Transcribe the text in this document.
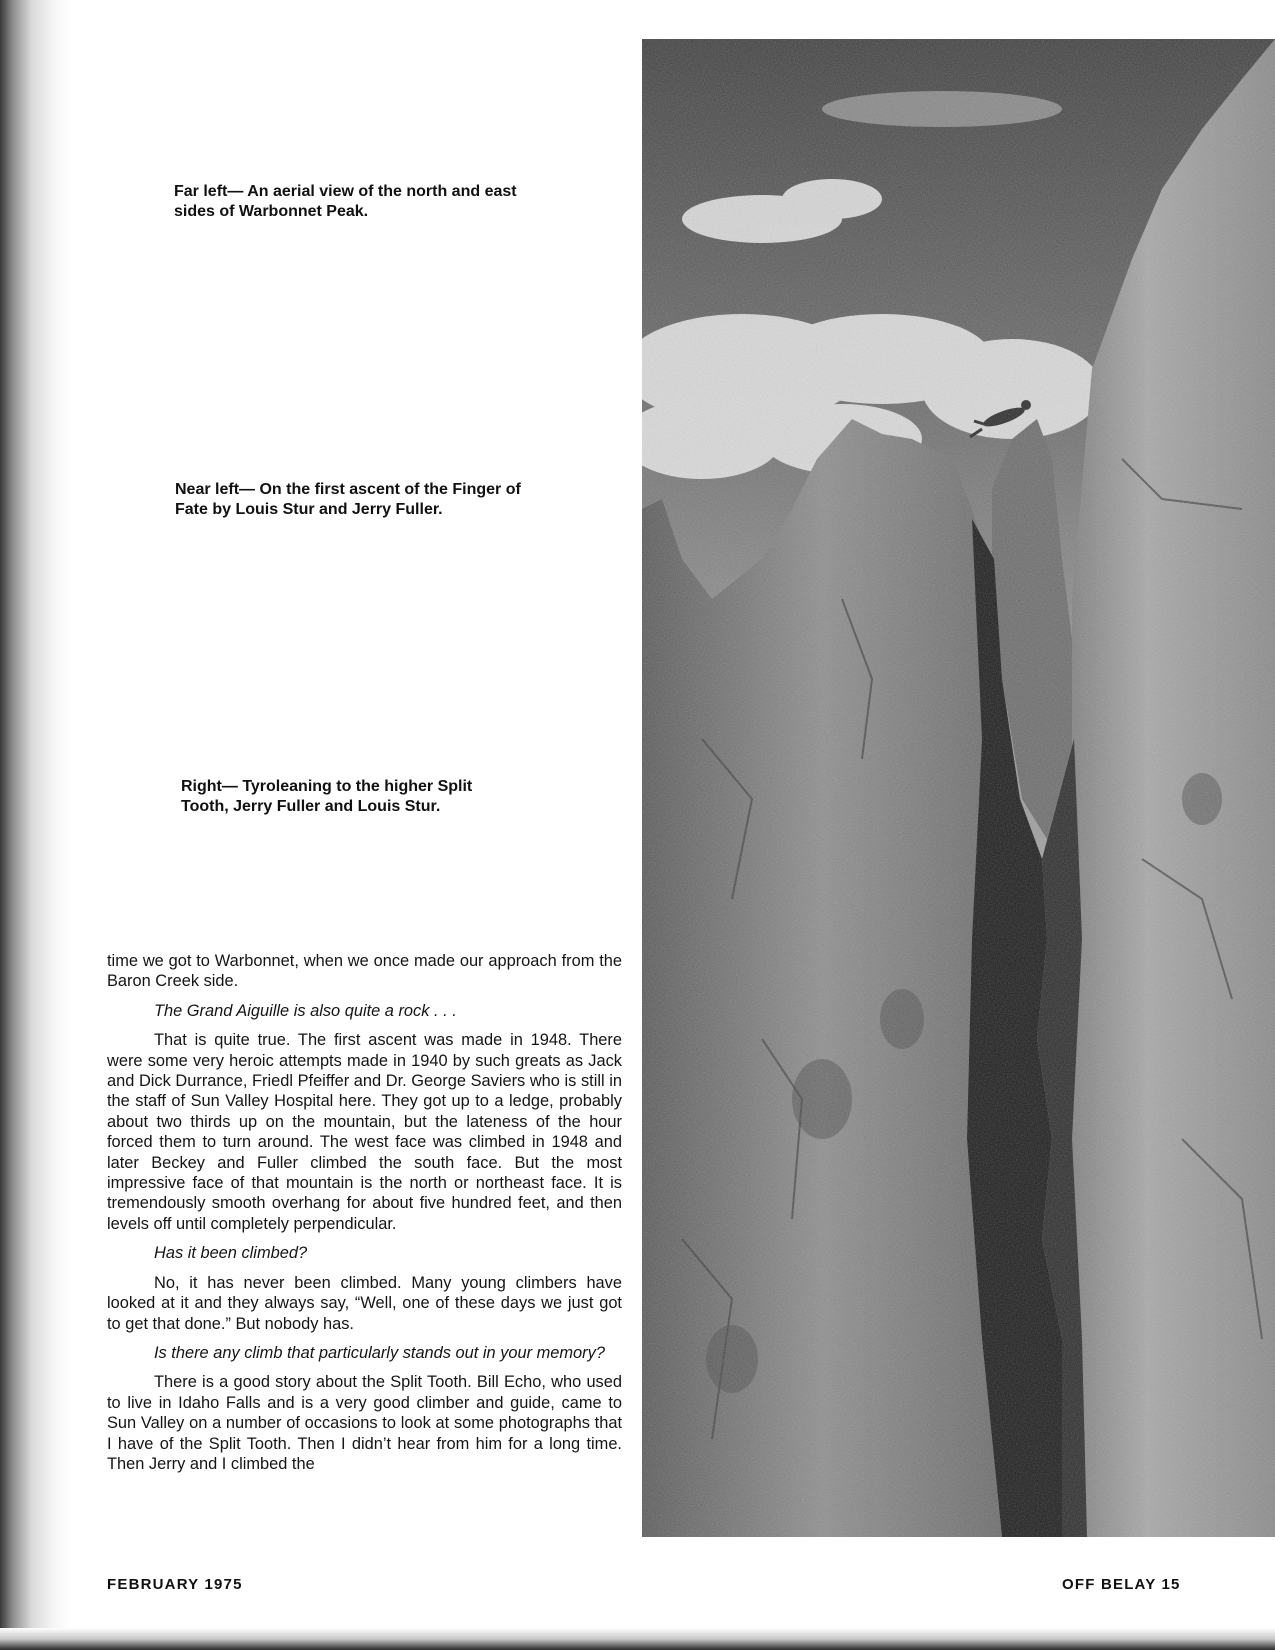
Far left— An aerial view of the north and east sides of Warbonnet Peak.
Near left— On the first ascent of the Finger of Fate by Louis Stur and Jerry Fuller.
Right— Tyroleaning to the higher Split Tooth, Jerry Fuller and Louis Stur.

time we got to Warbonnet, when we once made our approach from the Baron Creek side.

The Grand Aiguille is also quite a rock . . .

That is quite true. The first ascent was made in 1948. There were some very heroic attempts made in 1940 by such greats as Jack and Dick Durrance, Friedl Pfeiffer and Dr. George Saviers who is still in the staff of Sun Valley Hospital here. They got up to a ledge, probably about two thirds up on the mountain, but the lateness of the hour forced them to turn around. The west face was climbed in 1948 and later Beckey and Fuller climbed the south face. But the most impressive face of that mountain is the north or northeast face. It is tremendously smooth overhang for about five hundred feet, and then levels off until completely perpendicular.

Has it been climbed?

No, it has never been climbed. Many young climbers have looked at it and they always say, “Well, one of these days we just got to get that done.” But nobody has.

Is there any climb that particularly stands out in your memory?

There is a good story about the Split Tooth. Bill Echo, who used to live in Idaho Falls and is a very good climber and guide, came to Sun Valley on a number of occasions to look at some photographs that I have of the Split Tooth. Then I didn’t hear from him for a long time. Then Jerry and I climbed the

FEBRUARY 1975	OFF BELAY 15
